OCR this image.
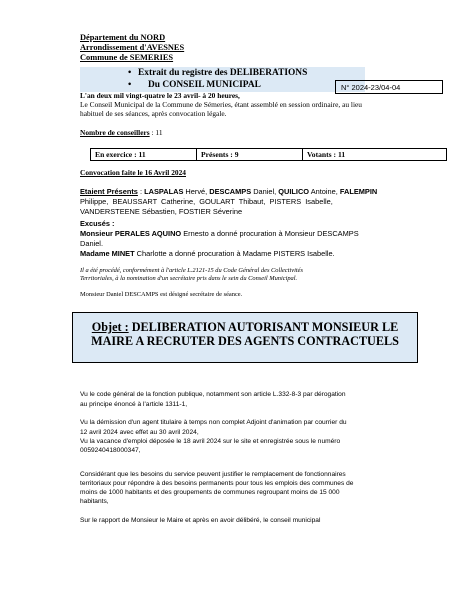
Département du NORD
Arrondissement d'AVESNES
Commune de SEMERIES
• Extrait du registre des DELIBERATIONS
• Du CONSEIL MUNICIPAL	N° 2024-23/04-04
L'an deux mil vingt-quatre le 23 avril- à 20 heures,
Le Conseil Municipal de la Commune de Sémeries, étant assemblé en session ordinaire, au lieu
habituel de ses séances, après convocation légale.
Nombre de conseillers : 11
En exercice : 11	Présents : 9	Votants : 11
Convocation faite le 16 Avril 2024
Etaient Présents : LASPALAS Hervé, DESCAMPS Daniel, QUILICO Antoine, FALEMPIN
Philippe,  BEAUSSART  Catherine,  GOULART  Thibaut,  PISTERS  Isabelle,
VANDERSTEENE Sébastien, FOSTIER Séverine
Excusés :
Monsieur PERALES AQUINO Ernesto a donné procuration à Monsieur DESCAMPS
Daniel.
Madame MINET Charlotte a donné procuration à Madame PISTERS Isabelle.
Il a été procédé, conformément à l'article L.2121-15 du Code Général des Collectivités
Territoriales, à la nomination d'un secrétaire pris dans le sein du Conseil Municipal.
Monsieur Daniel DESCAMPS est désigné secrétaire de séance.
Objet : DELIBERATION AUTORISANT MONSIEUR LE
MAIRE A RECRUTER DES AGENTS CONTRACTUELS
Vu le code général de la fonction publique, notamment son article L.332-8-3 par dérogation
au principe énoncé à l'article 1311-1,
Vu la démission d'un agent titulaire à temps non complet Adjoint d'animation par courrier du
12 avril 2024 avec effet au 30 avril 2024,
Vu la vacance d'emploi déposée le 18 avril 2024 sur le site et enregistrée sous le numéro
0059240418000347,
Considérant que les besoins du service peuvent justifier le remplacement de fonctionnaires
territoriaux pour répondre à des besoins permanents pour tous les emplois des communes de
moins de 1000 habitants et des groupements de communes regroupant moins de 15 000
habitants,
Sur le rapport de Monsieur le Maire et après en avoir délibéré, le conseil municipal
